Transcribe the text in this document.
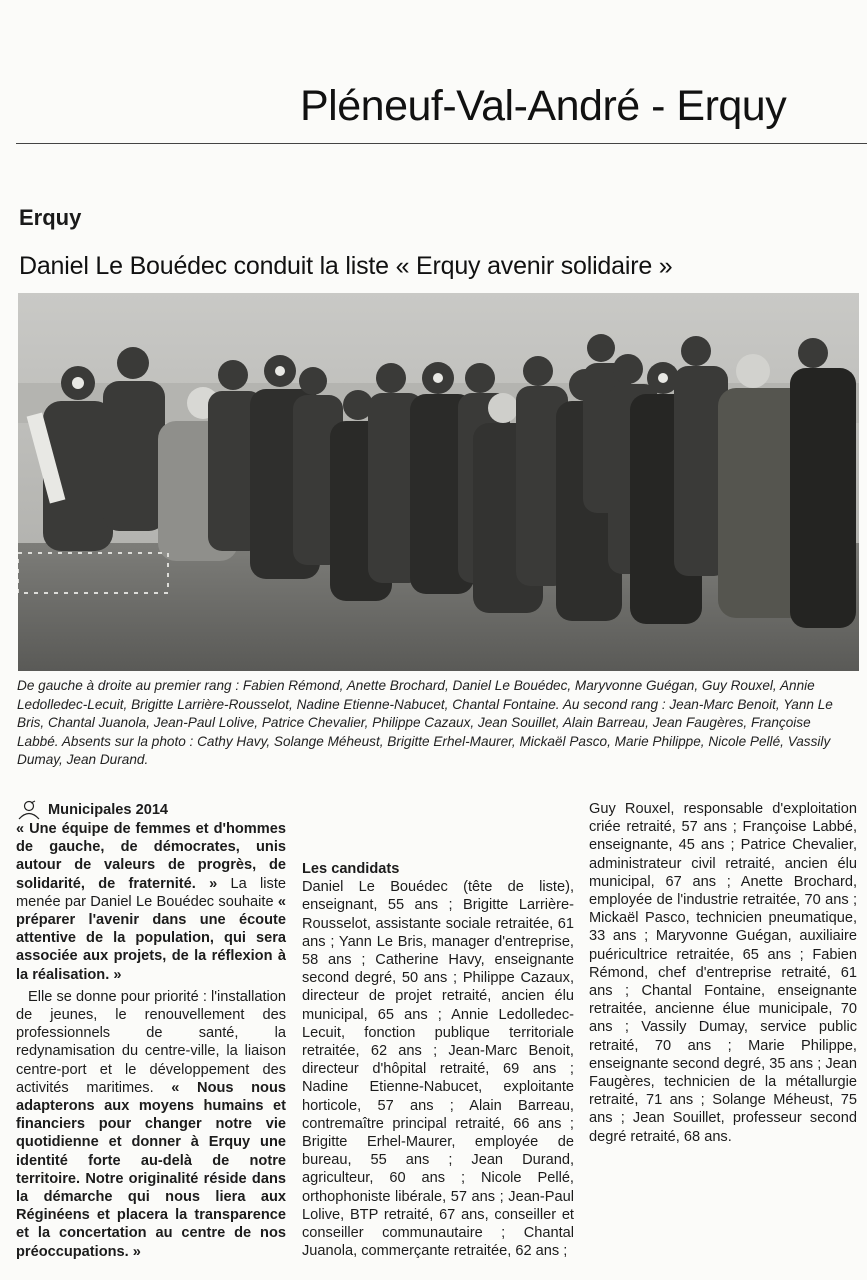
Pléneuf-Val-André - Erquy
Erquy
Daniel Le Bouédec conduit la liste « Erquy avenir solidaire »
De gauche à droite au premier rang : Fabien Rémond, Anette Brochard, Daniel Le Bouédec, Maryvonne Guégan, Guy Rouxel, Annie Ledolledec-Lecuit, Brigitte Larrière-Rousselot, Nadine Etienne-Nabucet, Chantal Fontaine. Au second rang : Jean-Marc Benoit, Yann Le Bris, Chantal Juanola, Jean-Paul Lolive, Patrice Chevalier, Philippe Cazaux, Jean Souillet, Alain Barreau, Jean Faugères, Françoise Labbé. Absents sur la photo : Cathy Havy, Solange Méheust, Brigitte Erhel-Maurer, Mickaël Pasco, Marie Philippe, Nicole Pellé, Vassily Dumay, Jean Durand.

Municipales 2014

« Une équipe de femmes et d'hommes de gauche, de démocrates, unis autour de valeurs de progrès, de solidarité, de fraternité. » La liste menée par Daniel Le Bouédec souhaite « préparer l'avenir dans une écoute attentive de la population, qui sera associée aux projets, de la réflexion à la réalisation. »

Elle se donne pour priorité : l'installation de jeunes, le renouvellement des professionnels de santé, la redynamisation du centre-ville, la liaison centre-port et le développement des activités maritimes. « Nous nous adapterons aux moyens humains et financiers pour changer notre vie quotidienne et donner à Erquy une identité forte au-delà de notre territoire. Notre originalité réside dans la démarche qui nous liera aux Réginéens et placera la transparence et la concertation au centre de nos préoccupations. »

Les candidats

Daniel Le Bouédec (tête de liste), enseignant, 55 ans ; Brigitte Larrière-Rousselot, assistante sociale retraitée, 61 ans ; Yann Le Bris, manager d'entreprise, 58 ans ; Catherine Havy, enseignante second degré, 50 ans ; Philippe Cazaux, directeur de projet retraité, ancien élu municipal, 65 ans ; Annie Ledolledec-Lecuit, fonction publique territoriale retraitée, 62 ans ; Jean-Marc Benoit, directeur d'hôpital retraité, 69 ans ; Nadine Etienne-Nabucet, exploitante horticole, 57 ans ; Alain Barreau, contremaître principal retraité, 66 ans ; Brigitte Erhel-Maurer, employée de bureau, 55 ans ; Jean Durand, agriculteur, 60 ans ; Nicole Pellé, orthophoniste libérale, 57 ans ; Jean-Paul Lolive, BTP retraité, 67 ans, conseiller et conseiller communautaire ; Chantal Juanola, commerçante retraitée, 62 ans ;

Guy Rouxel, responsable d'exploitation criée retraité, 57 ans ; Françoise Labbé, enseignante, 45 ans ; Patrice Chevalier, administrateur civil retraité, ancien élu municipal, 67 ans ; Anette Brochard, employée de l'industrie retraitée, 70 ans ; Mickaël Pasco, technicien pneumatique, 33 ans ; Maryvonne Guégan, auxiliaire puéricultrice retraitée, 65 ans ; Fabien Rémond, chef d'entreprise retraité, 61 ans ; Chantal Fontaine, enseignante retraitée, ancienne élue municipale, 70 ans ; Vassily Dumay, service public retraité, 70 ans ; Marie Philippe, enseignante second degré, 35 ans ; Jean Faugères, technicien de la métallurgie retraité, 71 ans ; Solange Méheust, 75 ans ; Jean Souillet, professeur second degré retraité, 68 ans.
